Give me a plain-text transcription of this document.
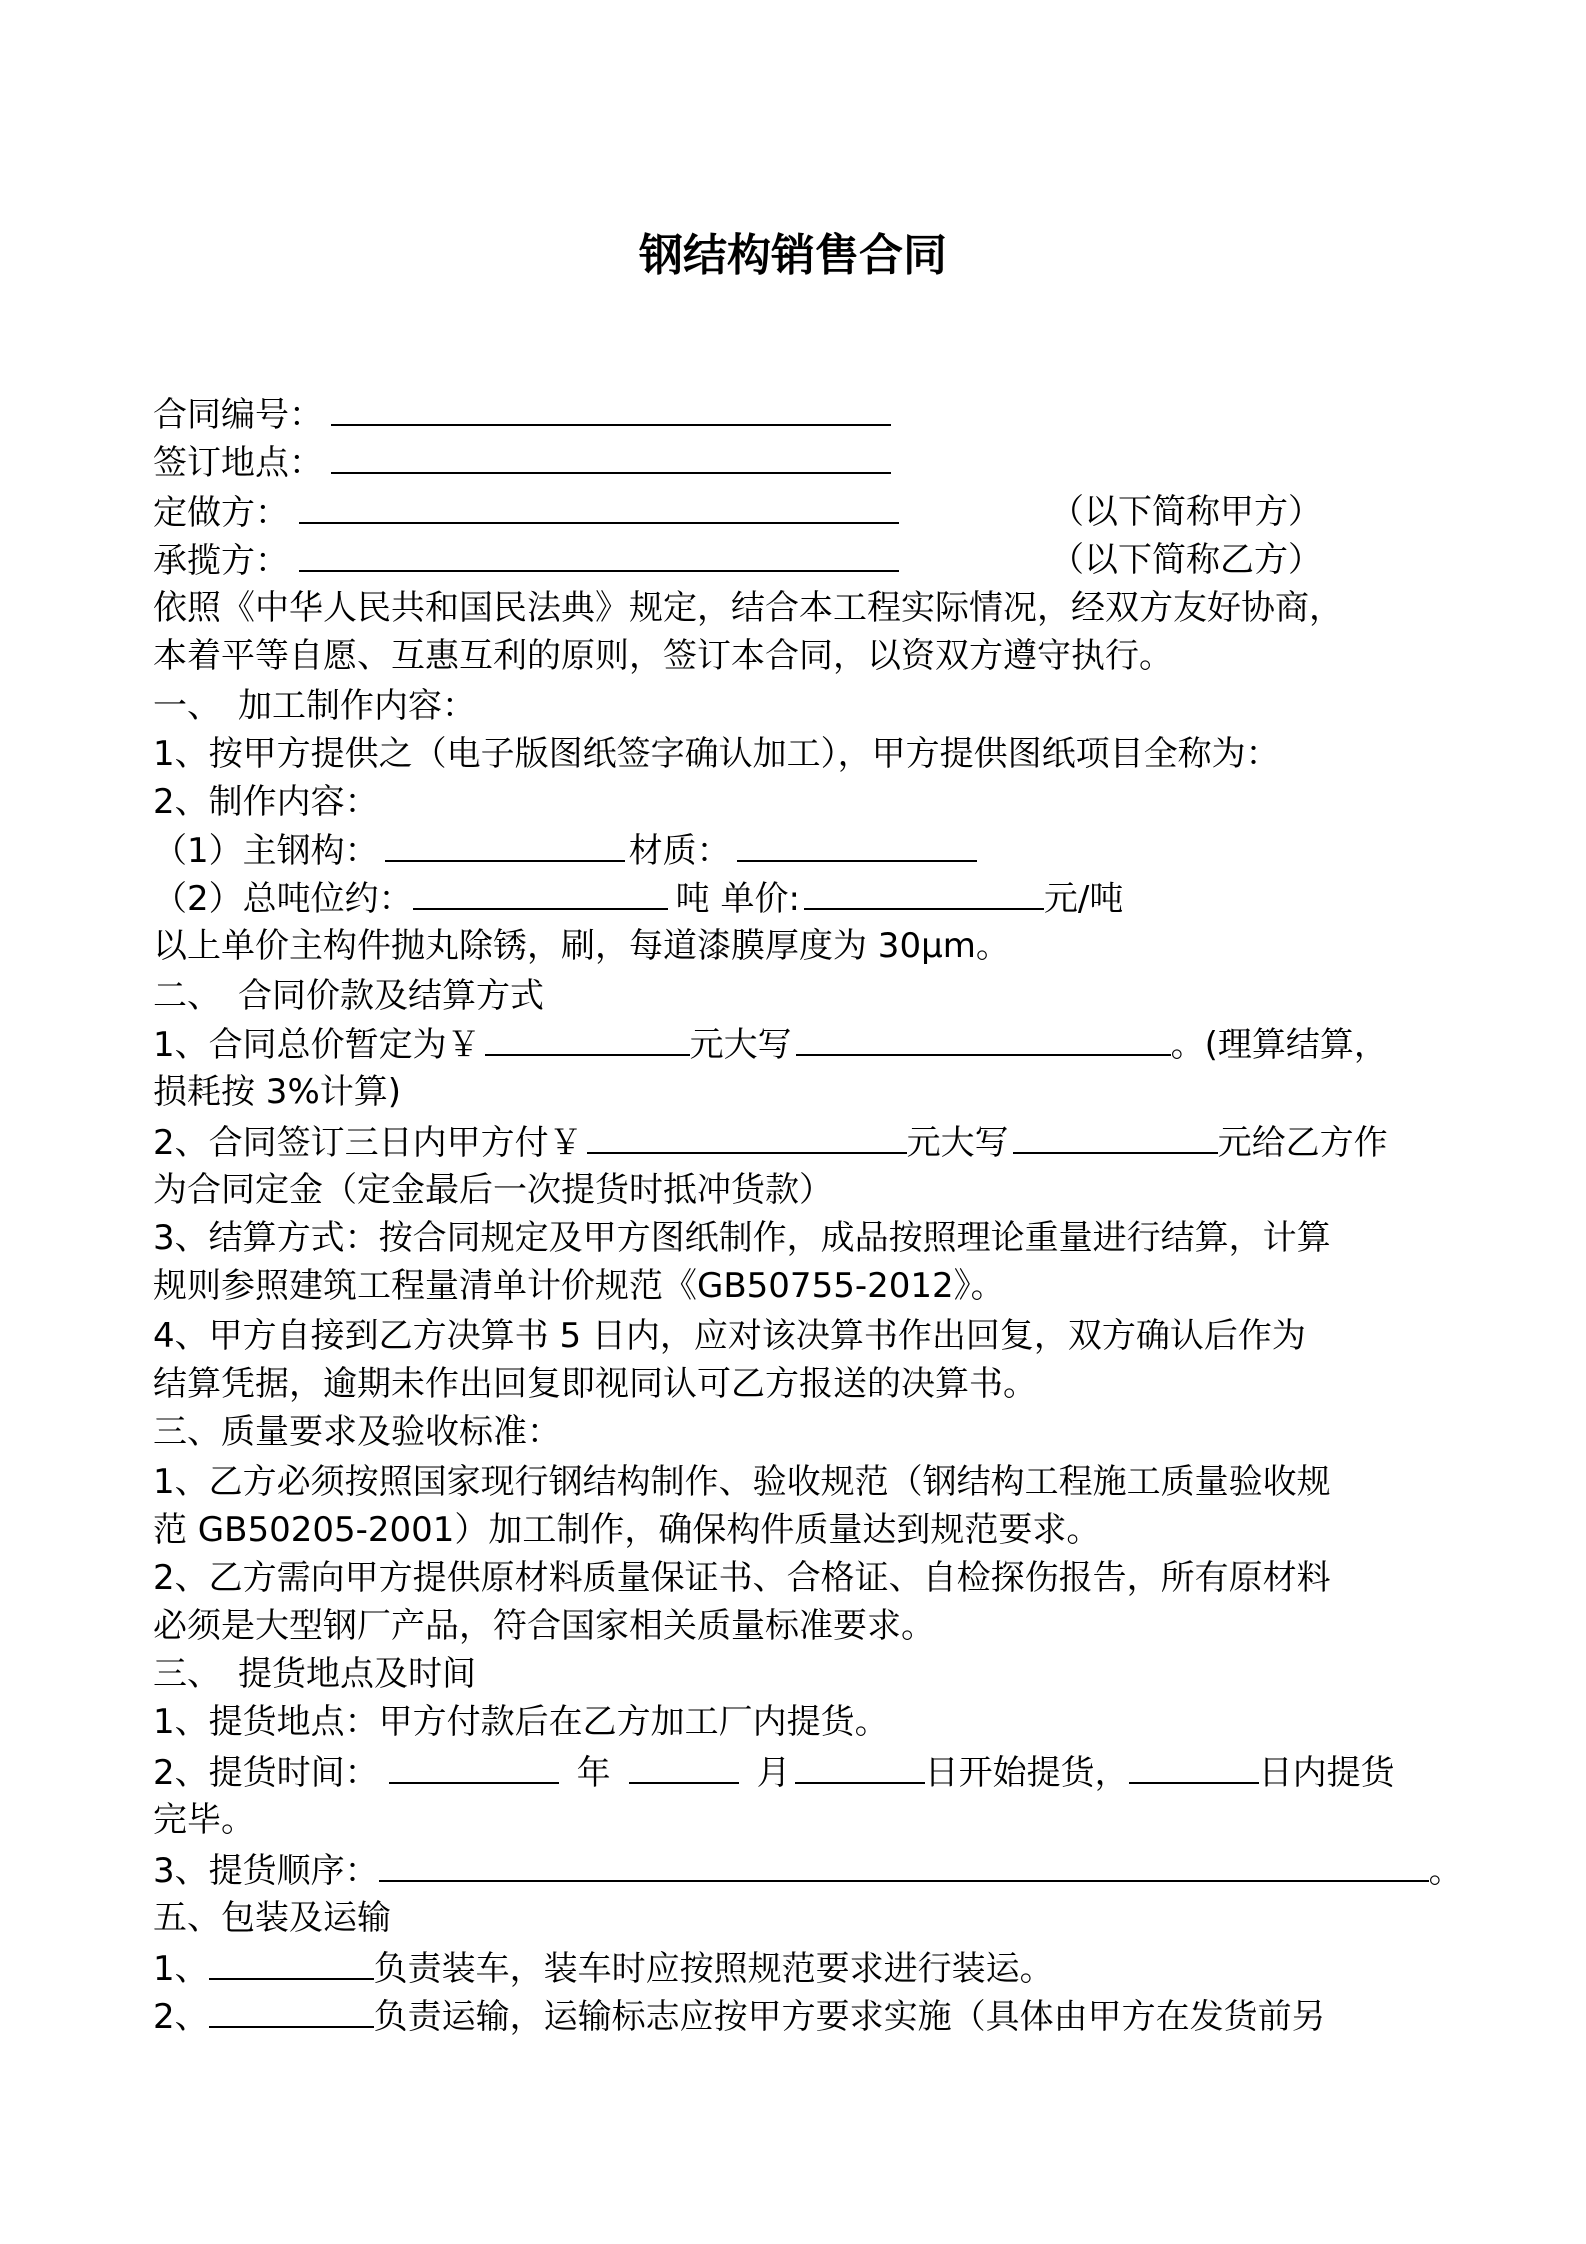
钢结构销售合同
合同编号：
签订地点：
定做方：	（以下简称甲方）
承揽方：	（以下简称乙方）
依照《中华人民共和国民法典》规定，结合本工程实际情况，经双方友好协商，
本着平等自愿、互惠互利的原则，签订本合同，以资双方遵守执行。
一、　加工制作内容：
1、按甲方提供之（电子版图纸签字确认加工），甲方提供图纸项目全称为：
2、制作内容：
（1）主钢构：	材质：
（2）总吨位约：	吨 单价:	元/吨
以上单价主构件抛丸除锈，刷，每道漆膜厚度为 30μm。
二、　合同价款及结算方式
1、合同总价暂定为￥	元大写	。(理算结算，
损耗按 3%计算)
2、合同签订三日内甲方付￥	元大写	元给乙方作
为合同定金（定金最后一次提货时抵冲货款）
3、结算方式：按合同规定及甲方图纸制作，成品按照理论重量进行结算，计算
规则参照建筑工程量清单计价规范《GB50755-2012》。
4、甲方自接到乙方决算书 5 日内，应对该决算书作出回复，双方确认后作为
结算凭据，逾期未作出回复即视同认可乙方报送的决算书。
三、质量要求及验收标准：
1、乙方必须按照国家现行钢结构制作、验收规范（钢结构工程施工质量验收规
范 GB50205-2001）加工制作，确保构件质量达到规范要求。
2、乙方需向甲方提供原材料质量保证书、合格证、自检探伤报告，所有原材料
必须是大型钢厂产品，符合国家相关质量标准要求。
三、　提货地点及时间
1、提货地点：甲方付款后在乙方加工厂内提货。
2、提货时间：	年	月	日开始提货，	日内提货
完毕。
3、提货顺序：	。
五、包装及运输
1、	负责装车，装车时应按照规范要求进行装运。
2、	负责运输，运输标志应按甲方要求实施（具体由甲方在发货前另
